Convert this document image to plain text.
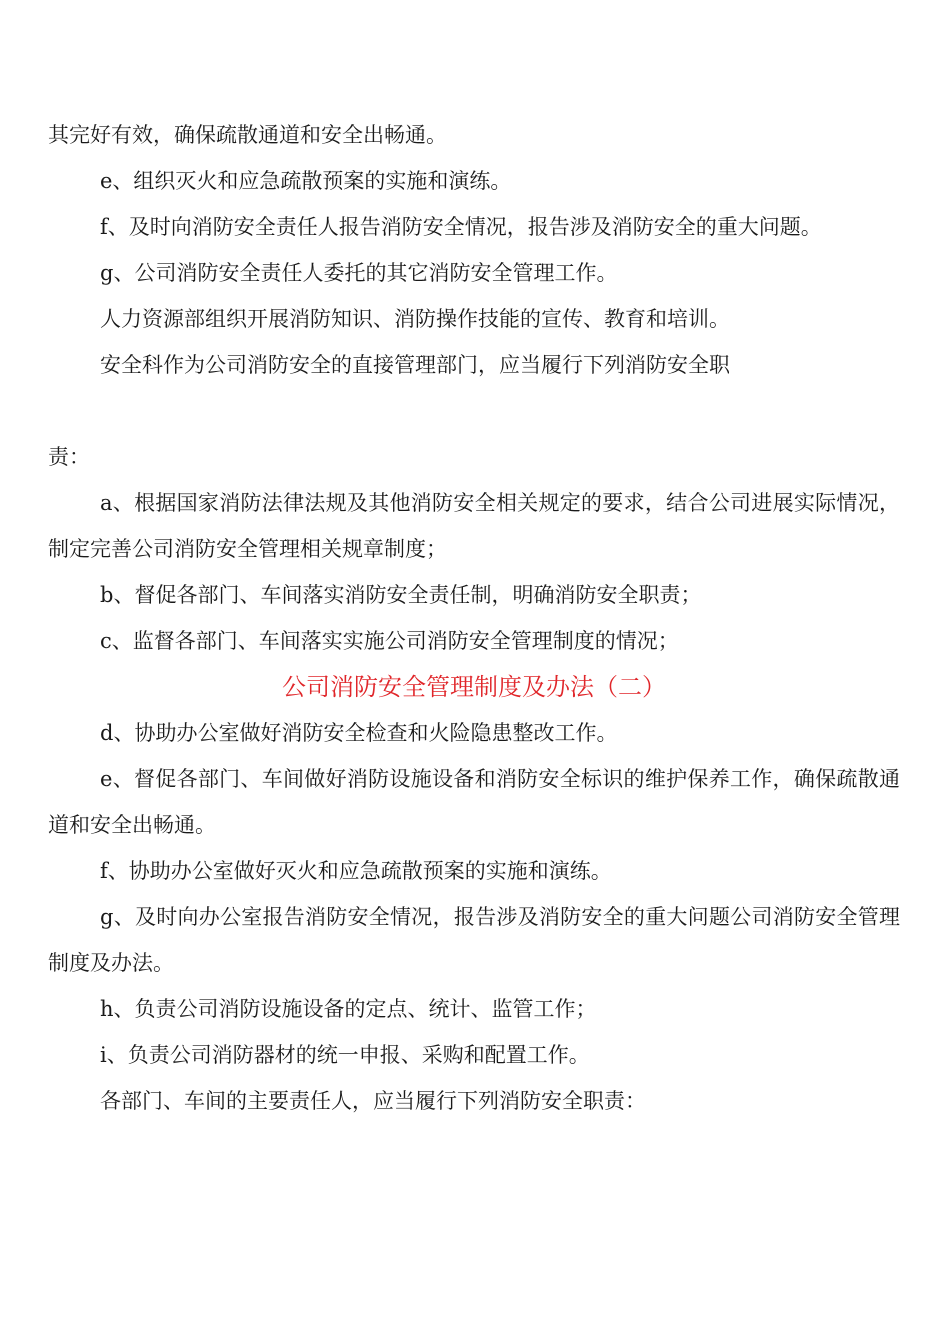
其完好有效，确保疏散通道和安全出畅通。

e、组织灭火和应急疏散预案的实施和演练。

f、及时向消防安全责任人报告消防安全情况，报告涉及消防安全的重大问题。

g、公司消防安全责任人委托的其它消防安全管理工作。

人力资源部组织开展消防知识、消防操作技能的宣传、教育和培训。

安全科作为公司消防安全的直接管理部门，应当履行下列消防安全职

责：

a、根据国家消防法律法规及其他消防安全相关规定的要求，结合公司进展实际情况，制定完善公司消防安全管理相关规章制度；

b、督促各部门、车间落实消防安全责任制，明确消防安全职责；

c、监督各部门、车间落实实施公司消防安全管理制度的情况；

公司消防安全管理制度及办法（二）

d、协助办公室做好消防安全检查和火险隐患整改工作。

e、督促各部门、车间做好消防设施设备和消防安全标识的维护保养工作，确保疏散通道和安全出畅通。

f、协助办公室做好灭火和应急疏散预案的实施和演练。

g、及时向办公室报告消防安全情况，报告涉及消防安全的重大问题公司消防安全管理制度及办法。

h、负责公司消防设施设备的定点、统计、监管工作；

i、负责公司消防器材的统一申报、采购和配置工作。

各部门、车间的主要责任人，应当履行下列消防安全职责：
